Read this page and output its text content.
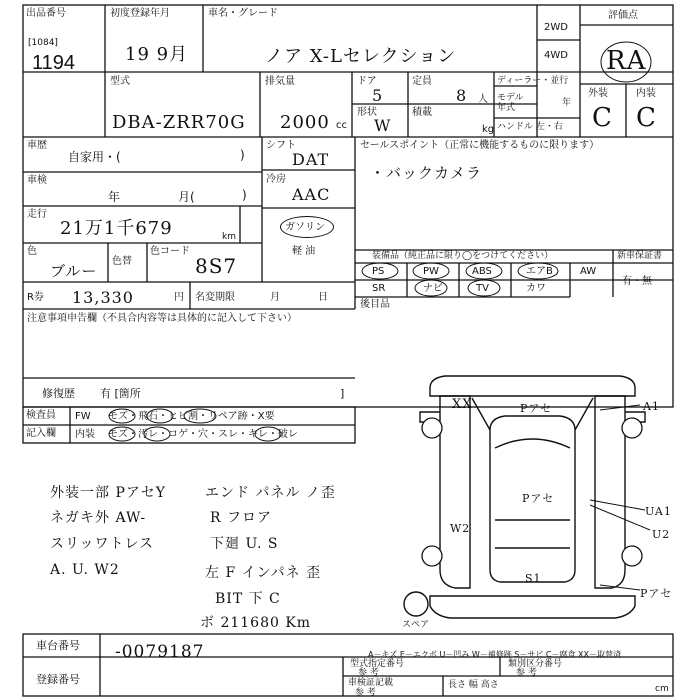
出品番号
[1084]
1194
初度登録年月
19 9月
車名・グレード
ノア X-Lセレクション
2WD
4WD
評価点
RA
外装	内装
C C
型式
DBA-ZRR70G
排気量
2000 cc
ドア
5
定員
8 人
形状
W
積載
kg
ディーラー・並行
モデル
年式	年
ハンドル 左・右
車歴
自家用・(	)
車検
年	月(	)
走行
21万1千679	km
色
ブルー
色替
色コード
8S7
R券 13,330	円 名変期限	月	日
シフト
DAT
冷房
AAC
ガソリン
軽 油
セールスポイント（正常に機能するものに限ります）
・バックカメラ
装備品（純正品に限り◯をつけてください）	新車保証書
有・無
PS	PW	ABS	エアB	AW
SR	ナビ	TV	カワ
後目品
注意事項申告欄（不具合内容等は具体的に記入して下さい）
修復歴 有 [箇所	]
検査員
記入欄
FW モズ・飛石・ヒビ割・リペア跡・X要
内装 モズ・汚レ・コゲ・穴・スレ・キレ・破レ
外装一部 PアセY
ネガキ外 AW-
スリッワトレス
A. U. W2
エンド パネル ノ歪
R フロア
下廻 U. S
左 F インパネ 歪
BIT 下 C
ボ 211680 Km
XX	Pアセ	A1
Pアセ
UA1
U2
W2
S1
Pアセ
スペア
A－キズ E－エクボ U－凹み W－補修跡 S－サビ C－腐食 XX－取替済
車台番号 -0079187
登録番号
型式指定番号
参 考
類別区分番号
参 考
車検証記載
参 考
長さ 幅 高さ	cm
